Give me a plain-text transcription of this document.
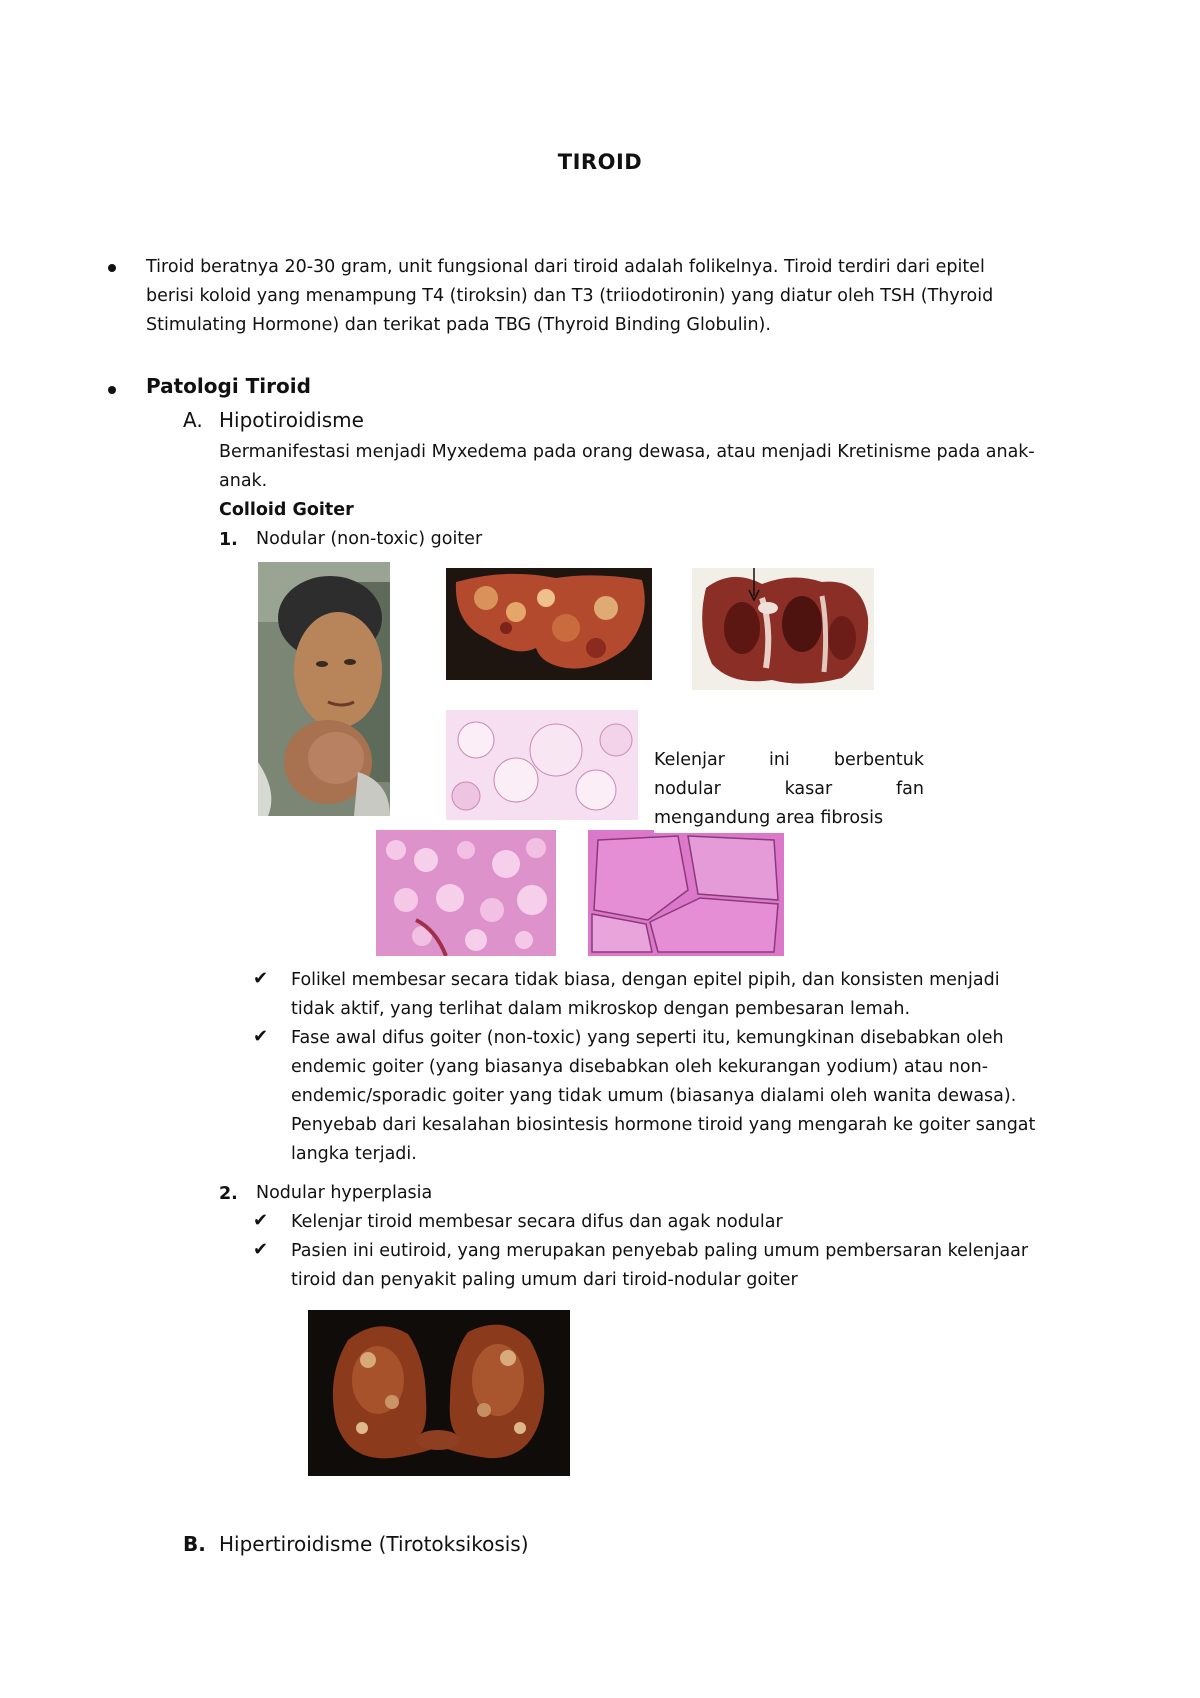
TIROID
Tiroid beratnya 20-30 gram, unit fungsional dari tiroid adalah folikelnya. Tiroid terdiri dari epitel
berisi koloid yang menampung T4 (tiroksin) dan T3 (triiodotironin) yang diatur oleh TSH (Thyroid
Stimulating Hormone) dan terikat pada TBG (Thyroid Binding Globulin).
Patologi Tiroid
A. Hipotiroidisme
Bermanifestasi menjadi Myxedema pada orang dewasa, atau menjadi Kretinisme pada anak-
anak.
Colloid Goiter
1. Nodular (non-toxic) goiter
Kelenjar ini berbentuk
nodular kasar fan
mengandung area fibrosis
✔ Folikel membesar secara tidak biasa, dengan epitel pipih, dan konsisten menjadi
tidak aktif, yang terlihat dalam mikroskop dengan pembesaran lemah.
✔ Fase awal difus goiter (non-toxic) yang seperti itu, kemungkinan disebabkan oleh
endemic goiter (yang biasanya disebabkan oleh kekurangan yodium) atau non-
endemic/sporadic goiter yang tidak umum (biasanya dialami oleh wanita dewasa).
Penyebab dari kesalahan biosintesis hormone tiroid yang mengarah ke goiter sangat
langka terjadi.
2. Nodular hyperplasia
✔ Kelenjar tiroid membesar secara difus dan agak nodular
✔ Pasien ini eutiroid, yang merupakan penyebab paling umum pembersaran kelenjaar
tiroid dan penyakit paling umum dari tiroid-nodular goiter
B. Hipertiroidisme (Tirotoksikosis)
